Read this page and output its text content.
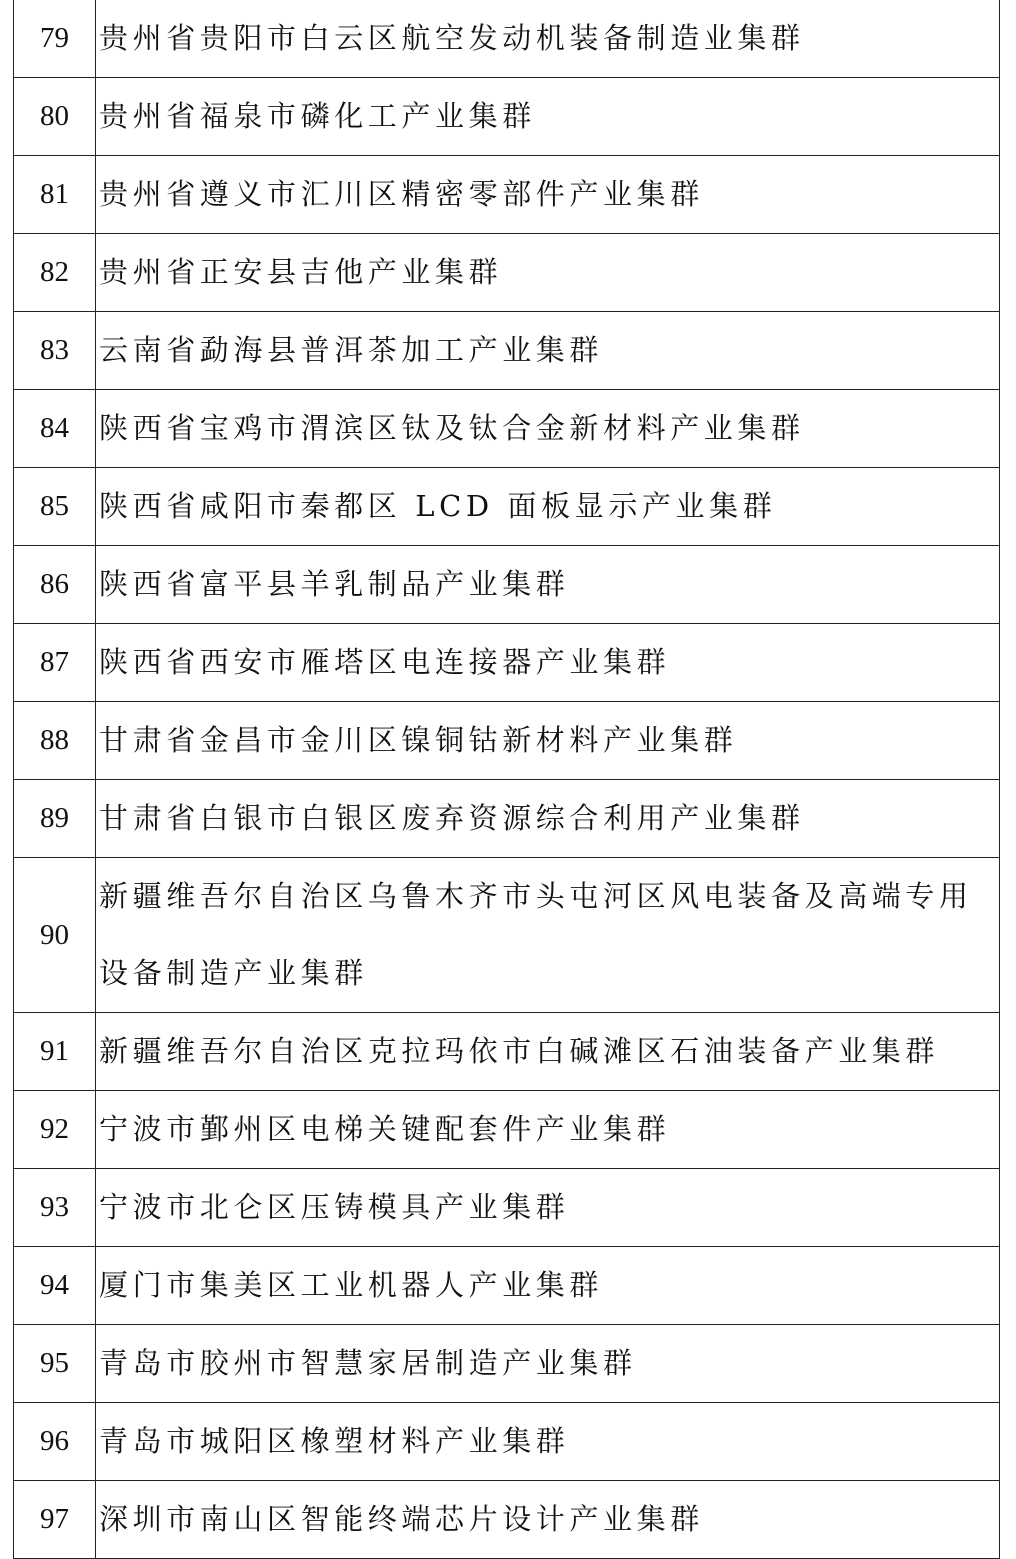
79	贵州省贵阳市白云区航空发动机装备制造业集群
80	贵州省福泉市磷化工产业集群
81	贵州省遵义市汇川区精密零部件产业集群
82	贵州省正安县吉他产业集群
83	云南省勐海县普洱茶加工产业集群
84	陕西省宝鸡市渭滨区钛及钛合金新材料产业集群
85	陕西省咸阳市秦都区 LCD 面板显示产业集群
86	陕西省富平县羊乳制品产业集群
87	陕西省西安市雁塔区电连接器产业集群
88	甘肃省金昌市金川区镍铜钴新材料产业集群
89	甘肃省白银市白银区废弃资源综合利用产业集群
90	新疆维吾尔自治区乌鲁木齐市头屯河区风电装备及高端专用设备制造产业集群
91	新疆维吾尔自治区克拉玛依市白碱滩区石油装备产业集群
92	宁波市鄞州区电梯关键配套件产业集群
93	宁波市北仑区压铸模具产业集群
94	厦门市集美区工业机器人产业集群
95	青岛市胶州市智慧家居制造产业集群
96	青岛市城阳区橡塑材料产业集群
97	深圳市南山区智能终端芯片设计产业集群
